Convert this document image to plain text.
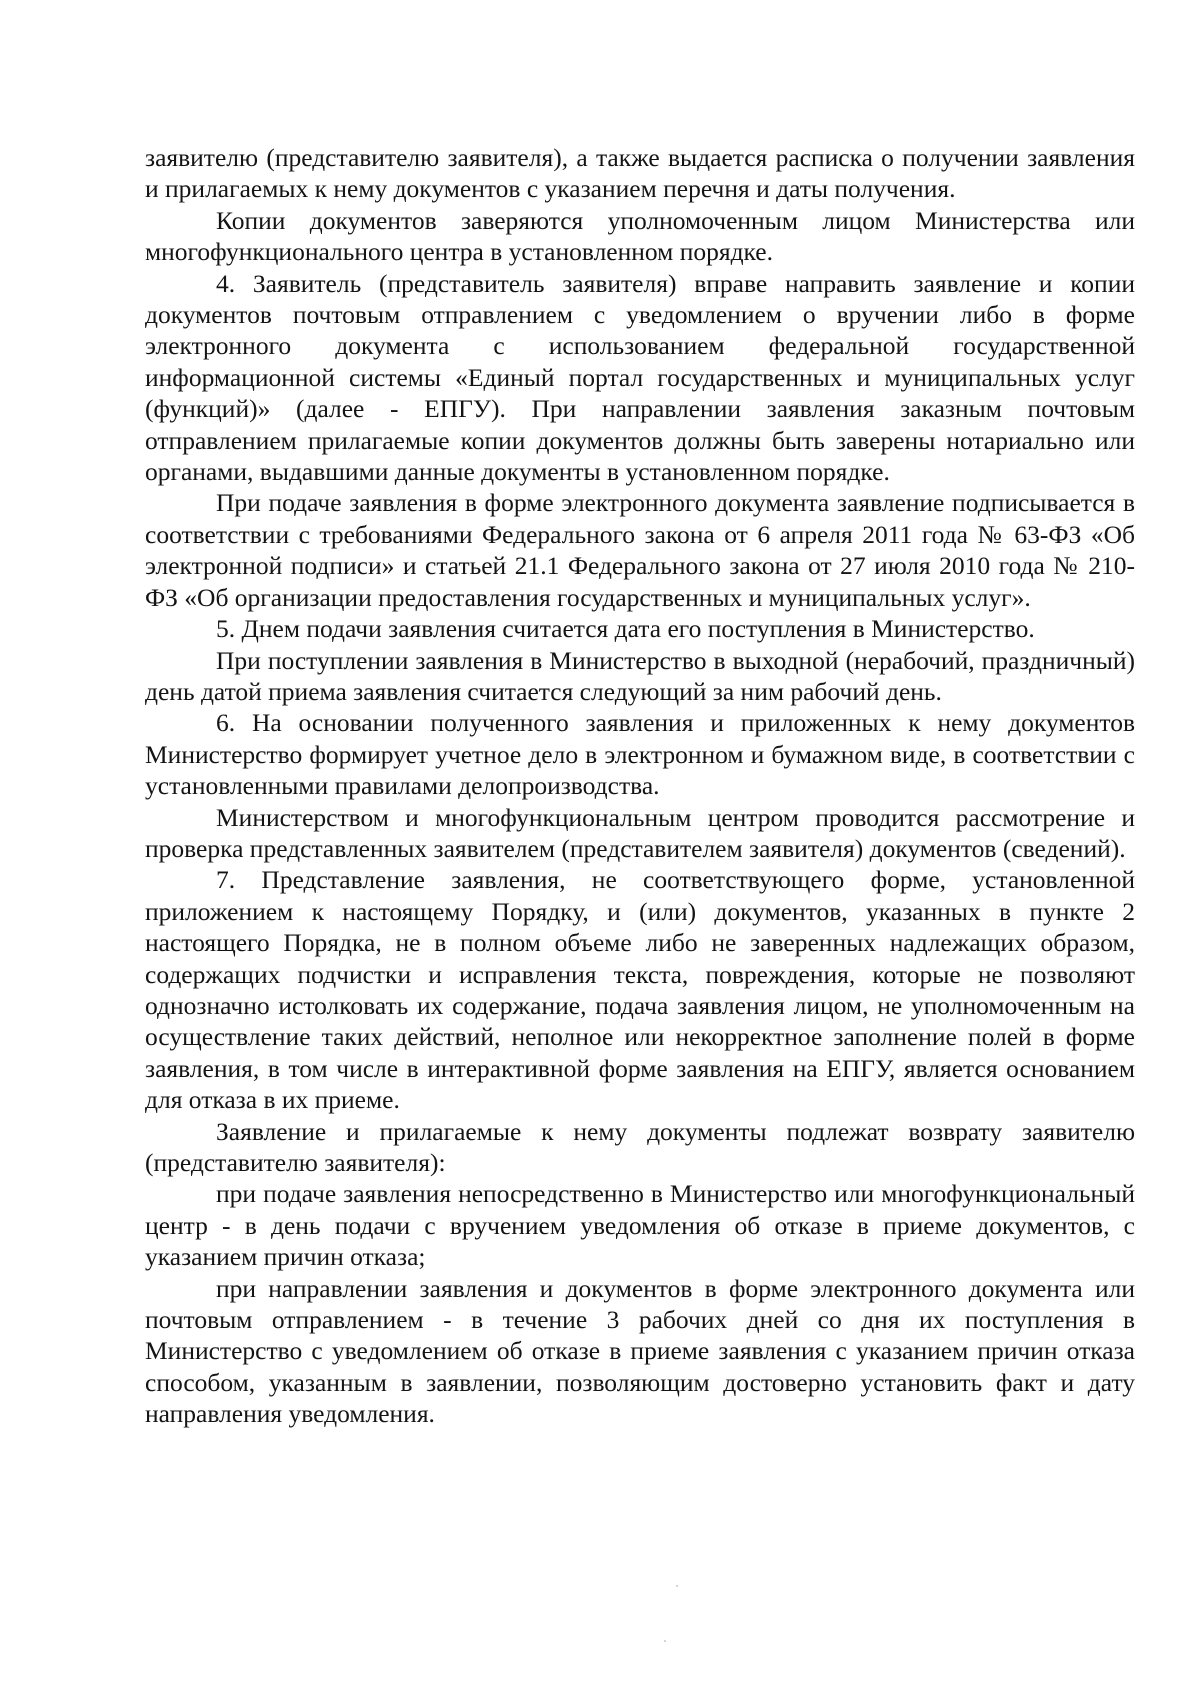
заявителю (представителю заявителя), а также выдается расписка о получении заявления и прилагаемых к нему документов с указанием перечня и даты получения.

Копии документов заверяются уполномоченным лицом Министерства или многофункционального центра в установленном порядке.

4. Заявитель (представитель заявителя) вправе направить заявление и копии документов почтовым отправлением с уведомлением о вручении либо в форме электронного документа с использованием федеральной государственной информационной системы «Единый портал государственных и муниципальных услуг (функций)» (далее - ЕПГУ). При направлении заявления заказным почтовым отправлением прилагаемые копии документов должны быть заверены нотариально или органами, выдавшими данные документы в установленном порядке.

При подаче заявления в форме электронного документа заявление подписывается в соответствии с требованиями Федерального закона от 6 апреля 2011 года № 63-ФЗ «Об электронной подписи» и статьей 21.1 Федерального закона от 27 июля 2010 года № 210-ФЗ «Об организации предоставления государственных и муниципальных услуг».

5. Днем подачи заявления считается дата его поступления в Министерство.

При поступлении заявления в Министерство в выходной (нерабочий, праздничный) день датой приема заявления считается следующий за ним рабочий день.

6. На основании полученного заявления и приложенных к нему документов Министерство формирует учетное дело в электронном и бумажном виде, в соответствии с установленными правилами делопроизводства.

Министерством и многофункциональным центром проводится рассмотрение и проверка представленных заявителем (представителем заявителя) документов (сведений).

7. Представление заявления, не соответствующего форме, установленной приложением к настоящему Порядку, и (или) документов, указанных в пункте 2 настоящего Порядка, не в полном объеме либо не заверенных надлежащих образом, содержащих подчистки и исправления текста, повреждения, которые не позволяют однозначно истолковать их содержание, подача заявления лицом, не уполномоченным на осуществление таких действий, неполное или некорректное заполнение полей в форме заявления, в том числе в интерактивной форме заявления на ЕПГУ, является основанием для отказа в их приеме.

Заявление и прилагаемые к нему документы подлежат возврату заявителю (представителю заявителя):

при подаче заявления непосредственно в Министерство или многофункциональный центр - в день подачи с вручением уведомления об отказе в приеме документов, с указанием причин отказа;

при направлении заявления и документов в форме электронного документа или почтовым отправлением - в течение 3 рабочих дней со дня их поступления в Министерство с уведомлением об отказе в приеме заявления с указанием причин отказа способом, указанным в заявлении, позволяющим достоверно установить факт и дату направления уведомления.
